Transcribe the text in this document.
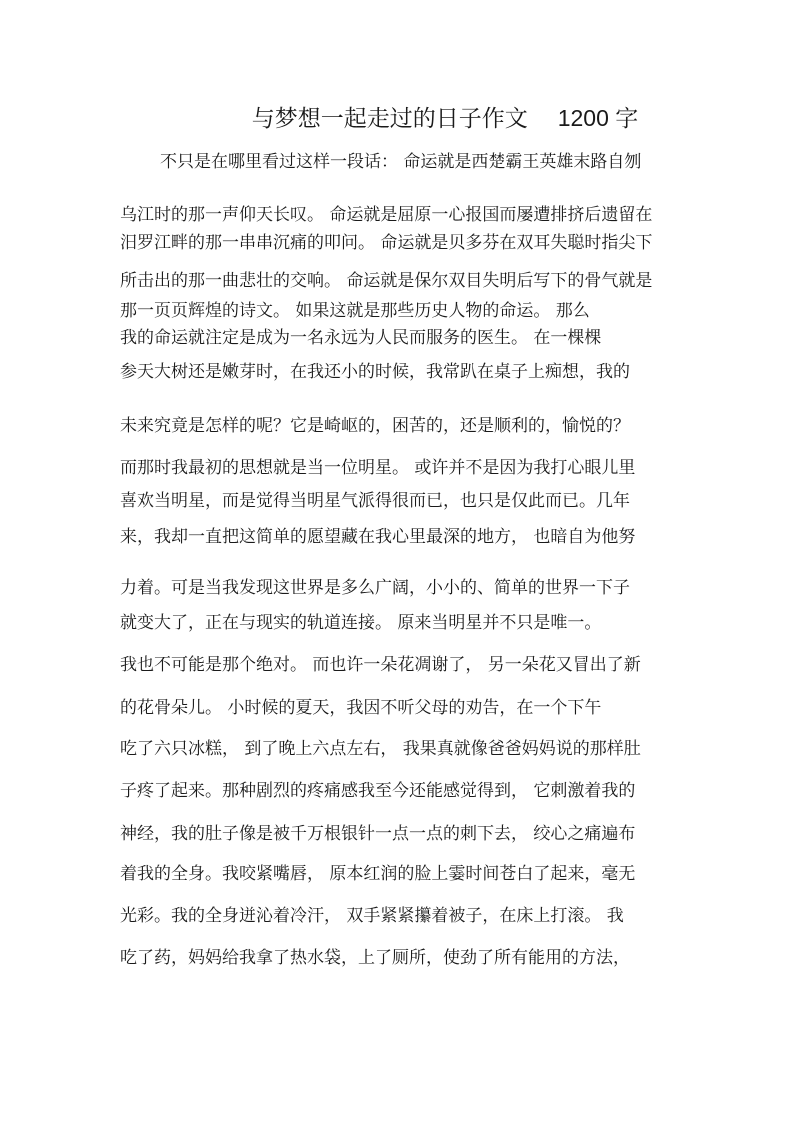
与梦想一起走过的日子作文 1200 字
不只是在哪里看过这样一段话： 命运就是西楚霸王英雄末路自刎
乌江时的那一声仰天长叹。 命运就是屈原一心报国而屡遭排挤后遗留在
汨罗江畔的那一串串沉痛的叩问。 命运就是贝多芬在双耳失聪时指尖下
所击出的那一曲悲壮的交响。 命运就是保尔双目失明后写下的骨气就是
那一页页辉煌的诗文。 如果这就是那些历史人物的命运。 那么
我的命运就注定是成为一名永远为人民而服务的医生。 在一棵棵
参天大树还是嫩芽时，在我还小的时候，我常趴在桌子上痴想，我的
未来究竟是怎样的呢？它是崎岖的，困苦的，还是顺利的，愉悦的？
而那时我最初的思想就是当一位明星。 或许并不是因为我打心眼儿里
喜欢当明星，而是觉得当明星气派得很而已，也只是仅此而已。几年
来，我却一直把这简单的愿望藏在我心里最深的地方， 也暗自为他努
力着。可是当我发现这世界是多么广阔，小小的、简单的世界一下子
就变大了，正在与现实的轨道连接。 原来当明星并不只是唯一。
我也不可能是那个绝对。 而也许一朵花凋谢了， 另一朵花又冒出了新
的花骨朵儿。 小时候的夏天，我因不听父母的劝告，在一个下午
吃了六只冰糕， 到了晚上六点左右， 我果真就像爸爸妈妈说的那样肚
子疼了起来。那种剧烈的疼痛感我至今还能感觉得到， 它刺激着我的
神经，我的肚子像是被千万根银针一点一点的刺下去， 绞心之痛遍布
着我的全身。我咬紧嘴唇， 原本红润的脸上霎时间苍白了起来，毫无
光彩。我的全身迸沁着冷汗， 双手紧紧攥着被子，在床上打滚。 我
吃了药，妈妈给我拿了热水袋，上了厕所，使劲了所有能用的方法，
